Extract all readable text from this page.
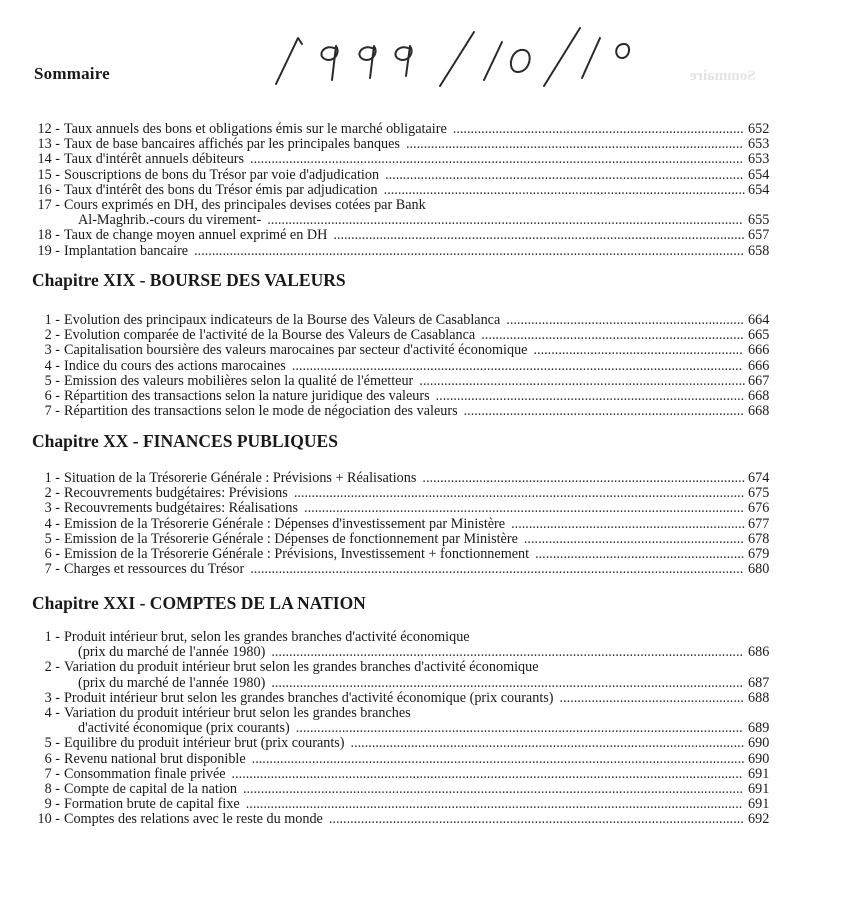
Sommaire	Sommaire
12 - Taux annuels des bons et obligations émis sur le marché obligataire	652
..................................................................................
13 - Taux de base bancaires affichés par les principales banques	653
...............................................................................................
14 - Taux d'intérêt annuels débiteurs	653
...........................................................................................................................................
15 - Souscriptions de bons du Trésor par voie d'adjudication	654
.....................................................................................................
16 - Taux d'intérêt des bons du Trésor émis par adjudication	654
......................................................................................................
17 - Cours exprimés en DH, des principales devises cotées par Bank
Al-Maghrib.-cours du virement-	655
......................................................................................................................................
18 - Taux de change moyen annuel exprimé en DH	657
....................................................................................................................
19 - Implantation bancaire	658
...........................................................................................................................................................
Chapitre XIX - BOURSE DES VALEURS
1 - Evolution des principaux indicateurs de la Bourse des Valeurs de Casablanca	664
...................................................................
2 - Evolution comparée de l'activité de la Bourse des Valeurs de Casablanca	665
..........................................................................
3 - Capitalisation boursière des valeurs marocaines par secteur d'activité économique	666
...........................................................
4 - Indice du cours des actions marocaines	666
...............................................................................................................................
5 - Emission des valeurs mobilières selon la qualité de l'émetteur	667
............................................................................................
6 - Répartition des transactions selon la nature juridique des valeurs	668
.......................................................................................
7 - Répartition des transactions selon le mode de négociation des valeurs	668
...............................................................................
Chapitre XX - FINANCES PUBLIQUES
1 - Situation de la Trésorerie Générale : Prévisions + Réalisations	674
...........................................................................................
2 - Recouvrements budgétaires: Prévisions	675
...............................................................................................................................
3 - Recouvrements budgétaires: Réalisations	676
............................................................................................................................
4 - Emission de la Trésorerie Générale : Dépenses d'investissement par Ministère	677
..................................................................
5 - Emission de la Trésorerie Générale : Dépenses de fonctionnement par Ministère	678
..............................................................
6 - Emission de la Trésorerie Générale : Prévisions, Investissement + fonctionnement	679
...........................................................
7 - Charges et ressources du Trésor	680
...........................................................................................................................................
Chapitre XXI - COMPTES DE LA NATION
1 - Produit intérieur brut, selon les grandes branches d'activité économique
(prix du marché de l'année 1980)	686
.....................................................................................................................................
2 - Variation du produit intérieur brut selon les grandes branches d'activité économique
(prix du marché de l'année 1980)	687
.....................................................................................................................................
3 - Produit intérieur brut selon les grandes branches d'activité économique (prix courants)	688
....................................................
4 - Variation du produit intérieur brut selon les grandes branches
d'activité économique (prix courants)	689
..............................................................................................................................
5 - Equilibre du produit intérieur brut (prix courants)	690
...............................................................................................................
6 - Revenu national brut disponible	690
...........................................................................................................................................
7 - Consommation finale privée	691
................................................................................................................................................
8 - Compte de capital de la nation	691
.............................................................................................................................................
9 - Formation brute de capital fixe	691
............................................................................................................................................
10 - Comptes des relations avec le reste du monde	692
.....................................................................................................................
